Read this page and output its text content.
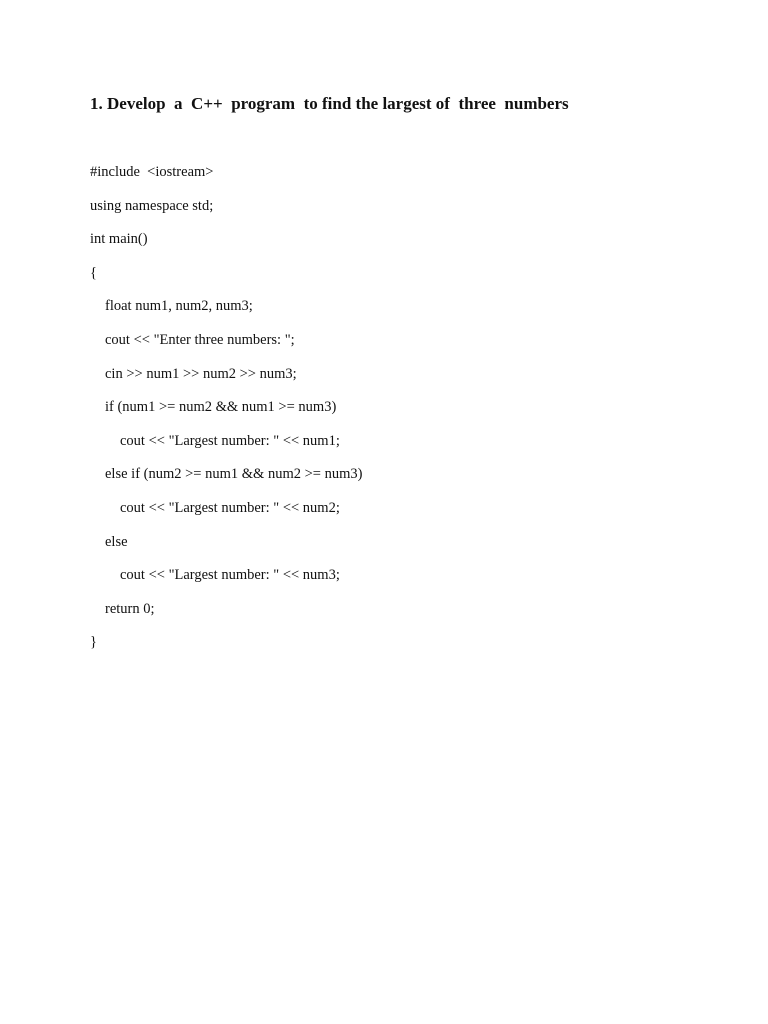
1. Develop  a  C++  program  to find the largest of  three  numbers
#include  <iostream>
using namespace std;
int main()
{
float num1, num2, num3;
cout << "Enter three numbers: ";
cin >> num1 >> num2 >> num3;
if (num1 >= num2 && num1 >= num3)
cout << "Largest number: " << num1;
else if (num2 >= num1 && num2 >= num3)
cout << "Largest number: " << num2;
else
cout << "Largest number: " << num3;
return 0;
}
